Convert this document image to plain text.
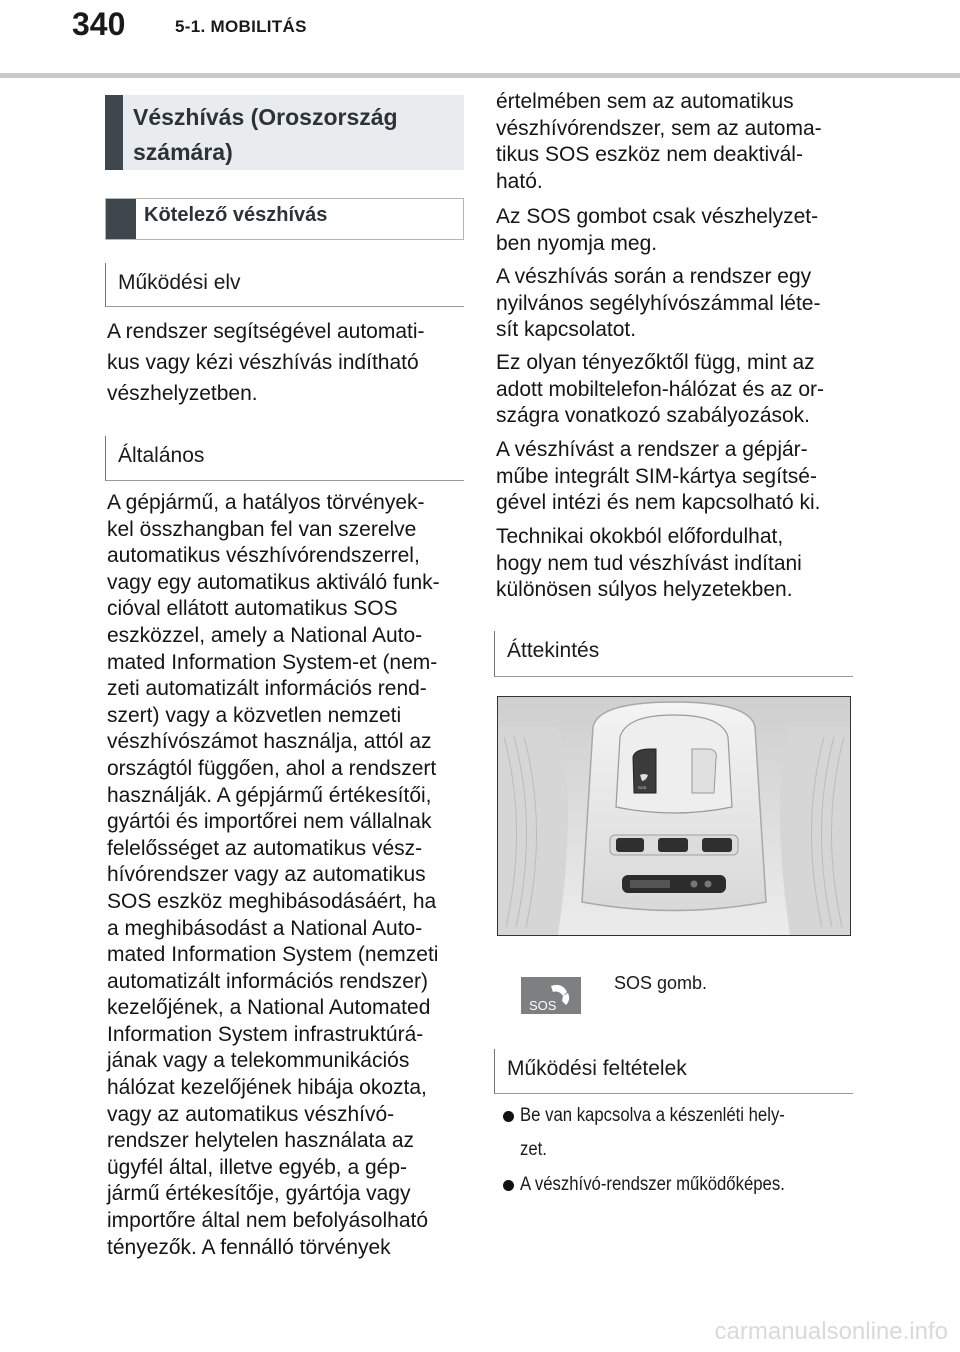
340	5-1. MOBILITÁS
Vészhívás (Oroszország
számára)
Kötelező vészhívás
Működési elv

A rendszer segítségével automati-
kus vagy kézi vészhívás indítható
vészhelyzetben.

Általános

A gépjármű, a hatályos törvények-
kel összhangban fel van szerelve
automatikus vészhívórendszerrel,
vagy egy automatikus aktiváló funk-
cióval ellátott automatikus SOS
eszközzel, amely a National Auto-
mated Information System-et (nem-
zeti automatizált információs rend-
szert) vagy a közvetlen nemzeti
vészhívószámot használja, attól az
országtól függően, ahol a rendszert
használják. A gépjármű értékesítői,
gyártói és importőrei nem vállalnak
felelősséget az automatikus vész-
hívórendszer vagy az automatikus
SOS eszköz meghibásodásáért, ha
a meghibásodást a National Auto-
mated Information System (nemzeti
automatizált információs rendszer)
kezelőjének, a National Automated
Information System infrastruktúrá-
jának vagy a telekommunikációs
hálózat kezelőjének hibája okozta,
vagy az automatikus vészhívó-
rendszer helytelen használata az
ügyfél által, illetve egyéb, a gép-
jármű értékesítője, gyártója vagy
importőre által nem befolyásolható
tényezők. A fennálló törvények

értelmében sem az automatikus
vészhívórendszer, sem az automa-
tikus SOS eszköz nem deaktivál-
ható.

Az SOS gombot csak vészhelyzet-
ben nyomja meg.

A vészhívás során a rendszer egy
nyilvános segélyhívószámmal léte-
sít kapcsolatot.

Ez olyan tényezőktől függ, mint az
adott mobiltelefon-hálózat és az or-
szágra vonatkozó szabályozások.

A vészhívást a rendszer a gépjár-
műbe integrált SIM-kártya segítsé-
gével intézi és nem kapcsolható ki.

Technikai okokból előfordulhat,
hogy nem tud vészhívást indítani
különösen súlyos helyzetekben.

Áttekintés
SOS
SOS
SOS gomb.
Működési feltételek
Be van kapcsolva a készenléti hely-
zet.
A vészhívó-rendszer működőképes.
carmanualsonline.info
